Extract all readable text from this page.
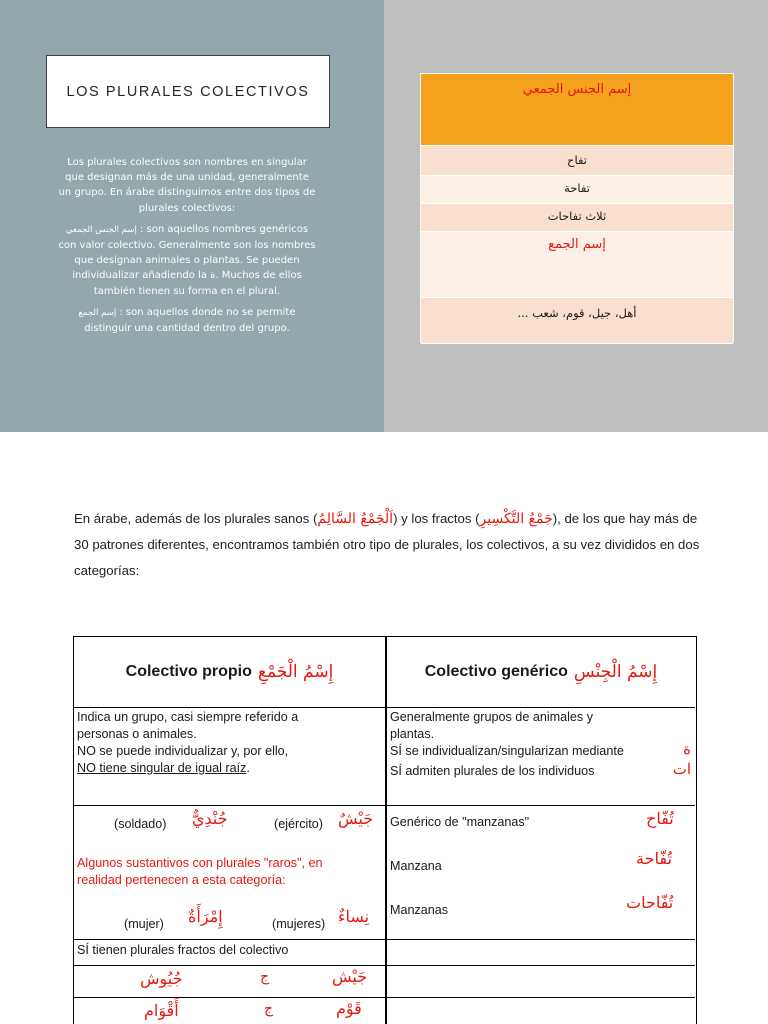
LOS PLURALES COLECTIVOS

Los plurales colectivos son nombres en singular que designan más de una unidad, generalmente un grupo. En árabe distinguimos entre dos tipos de plurales colectivos:

إسم الجنس الجمعي : son aquellos nombres genéricos con valor colectivo. Generalmente son los nombres que designan animales o plantas. Se pueden individualizar añadiendo la ة. Muchos de ellos también tienen su forma en el plural.

إسم الجمع : son aquellos donde no se permite distinguir una cantidad dentro del grupo.

إسم الجنس الجمعي
تفاح
تفاحة
ثلاث تفاحات
إسم الجمع
أهل، جيل، قوم، شعب ...
En árabe, además de los plurales sanos (اَلْجَمْعُ السَّالِمُ) y los fractos (جَمْعُ التَّكْسِيرِ), de los que hay más de 30 patrones diferentes, encontramos también otro tipo de plurales, los colectivos, a su vez divididos en dos categorías:
Colectivo propio إِسْمُ الْجَمْعِ	Colectivo genérico إِسْمُ الْجِنْسِ
Indica un grupo, casi siempre referido a
personas o animales.
NO se puede individualizar y, por ello,
NO tiene singular de igual raíz.
Generalmente grupos de animales y
plantas.
SÍ se individualizan/singularizan mediante	ة
SÍ admiten plurales de los individuos	ات
(soldado) جُنْدِيٌّ	(ejército) جَيْشٌ
Algunos sustantivos con plurales "raros", en
realidad pertenecen a esta categoría:
(mujer) إِمْرَأَةٌ	(mujeres) نِساءٌ
Genérico de "manzanas"	تُفّاح
Manzana	تُفّاحة
Manzanas	تُفّاحات
SÍ tienen plurales fractos del colectivo
جُيُوش	ج	جَيْش
أَقْوَام	ج	قَوْم
